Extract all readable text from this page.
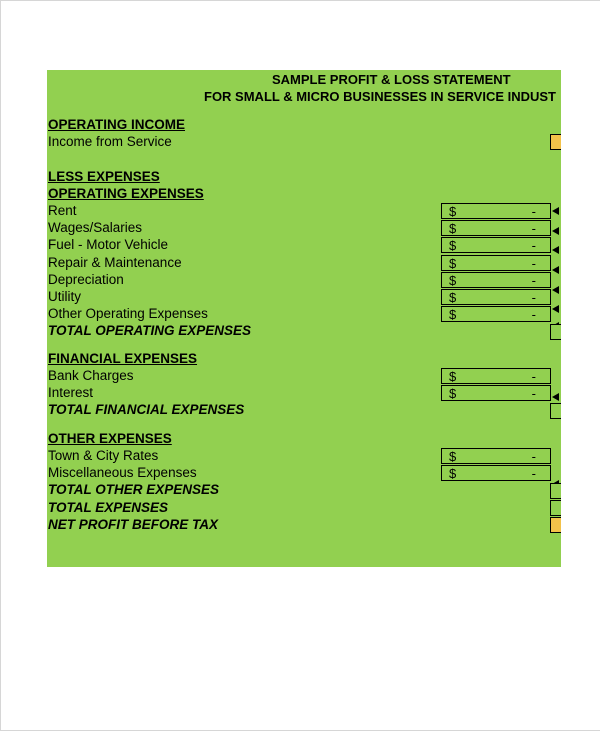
SAMPLE PROFIT & LOSS STATEMENT
FOR SMALL & MICRO BUSINESSES IN SERVICE INDUST
OPERATING INCOME
Income from Service
LESS EXPENSES
OPERATING EXPENSES
Rent	$	-
Wages/Salaries	$	-
Fuel - Motor Vehicle	$	-
Repair & Maintenance	$	-
Depreciation	$	-
Utility	$	-
Other Operating Expenses	$	-
TOTAL OPERATING EXPENSES
FINANCIAL EXPENSES
Bank Charges	$	-
Interest	$	-
TOTAL FINANCIAL EXPENSES
OTHER EXPENSES
Town & City Rates	$	-
Miscellaneous Expenses	$	-
TOTAL OTHER EXPENSES
TOTAL EXPENSES
NET PROFIT BEFORE TAX
